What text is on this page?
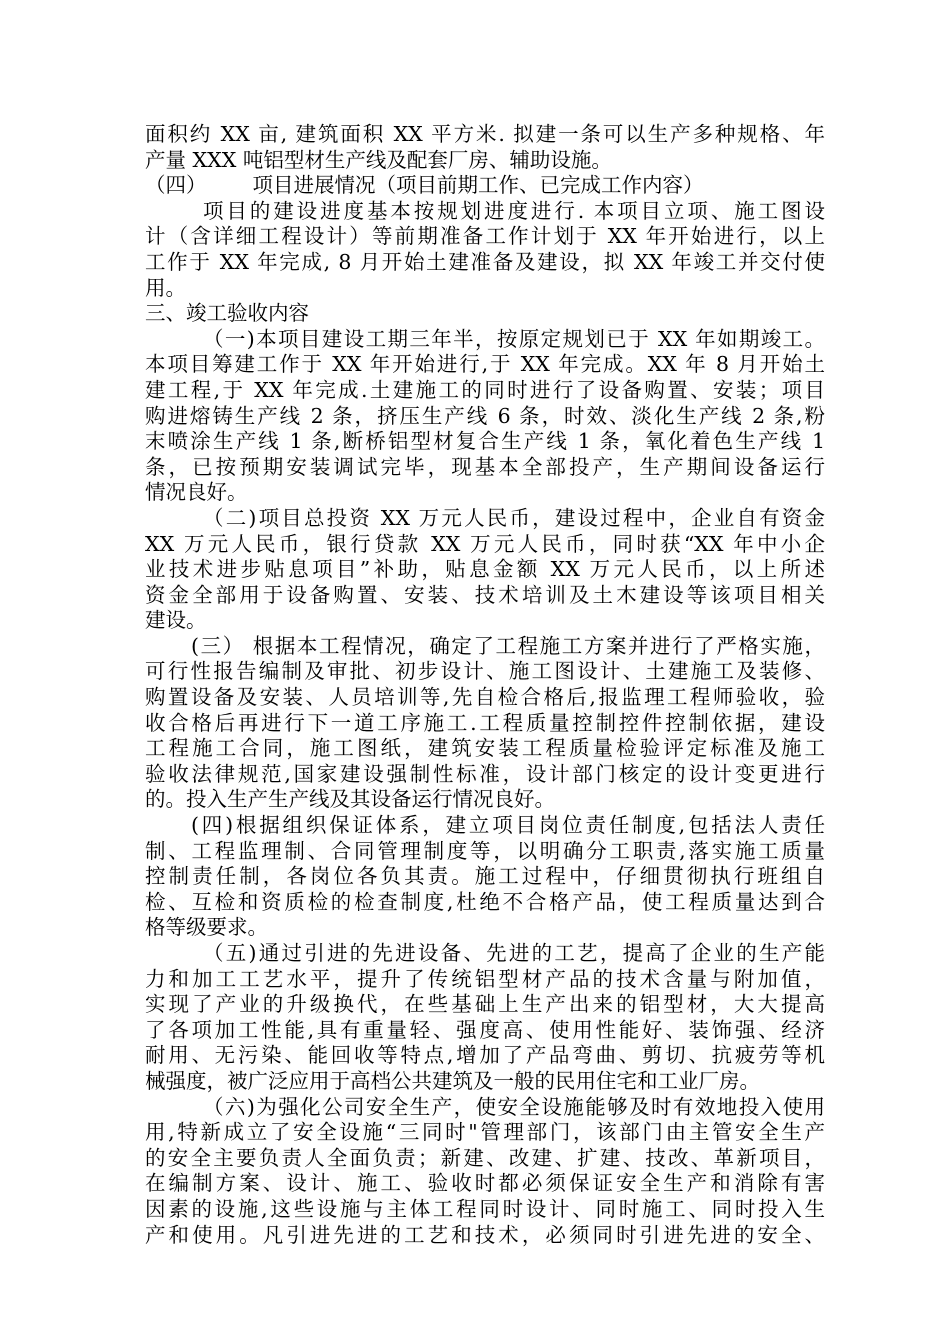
面积约 XX 亩, 建筑面积 XX 平方米. 拟建一条可以生产多种规格、年
产量 XXX 吨铝型材生产线及配套厂房、辅助设施。

（四） 项目进展情况（项目前期工作、已完成工作内容）

项目的建设进度基本按规划进度进行. 本项目立项、施工图设
计（含详细工程设计）等前期准备工作计划于 XX 年开始进行，以上
工作于 XX 年完成, 8 月开始土建准备及建设，拟 XX 年竣工并交付使
用。

三、竣工验收内容

（一)本项目建设工期三年半，按原定规划已于 XX 年如期竣工。
本项目筹建工作于 XX 年开始进行,于 XX 年完成。XX 年 8 月开始土
建工程,于 XX 年完成.土建施工的同时进行了设备购置、安装；项目
购进熔铸生产线 2 条，挤压生产线 6 条，时效、淡化生产线 2 条,粉
末喷涂生产线 1 条,断桥铝型材复合生产线 1 条，氧化着色生产线 1
条，已按预期安装调试完毕，现基本全部投产，生产期间设备运行
情况良好。

（二)项目总投资 XX 万元人民币，建设过程中，企业自有资金
XX 万元人民币，银行贷款 XX 万元人民币，同时获“XX 年中小企
业技术进步贴息项目”补助，贴息金额 XX 万元人民币，以上所述
资金全部用于设备购置、安装、技术培训及土木建设等该项目相关
建设。

(三） 根据本工程情况，确定了工程施工方案并进行了严格实施，
可行性报告编制及审批、初步设计、施工图设计、土建施工及装修、
购置设备及安装、人员培训等,先自检合格后,报监理工程师验收，验
收合格后再进行下一道工序施工.工程质量控制控件控制依据，建设
工程施工合同，施工图纸，建筑安装工程质量检验评定标准及施工
验收法律规范,国家建设强制性标准，设计部门核定的设计变更进行
的。投入生产生产线及其设备运行情况良好。

(四)根据组织保证体系，建立项目岗位责任制度,包括法人责任
制、工程监理制、合同管理制度等，以明确分工职责,落实施工质量
控制责任制，各岗位各负其责。施工过程中，仔细贯彻执行班组自
检、互检和资质检的检查制度,杜绝不合格产品，使工程质量达到合
格等级要求。

（五)通过引进的先进设备、先进的工艺，提高了企业的生产能
力和加工工艺水平，提升了传统铝型材产品的技术含量与附加值，
实现了产业的升级换代，在些基础上生产出来的铝型材，大大提高
了各项加工性能,具有重量轻、强度高、使用性能好、装饰强、经济
耐用、无污染、能回收等特点,增加了产品弯曲、剪切、抗疲劳等机
械强度，被广泛应用于高档公共建筑及一般的民用住宅和工业厂房。

（六)为强化公司安全生产，使安全设施能够及时有效地投入使用
用,特新成立了安全设施“三同时"管理部门，该部门由主管安全生产
的安全主要负责人全面负责；新建、改建、扩建、技改、革新项目，
在编制方案、设计、施工、验收时都必须保证安全生产和消除有害
因素的设施,这些设施与主体工程同时设计、同时施工、同时投入生
产和使用。凡引进先进的工艺和技术，必须同时引进先进的安全、
